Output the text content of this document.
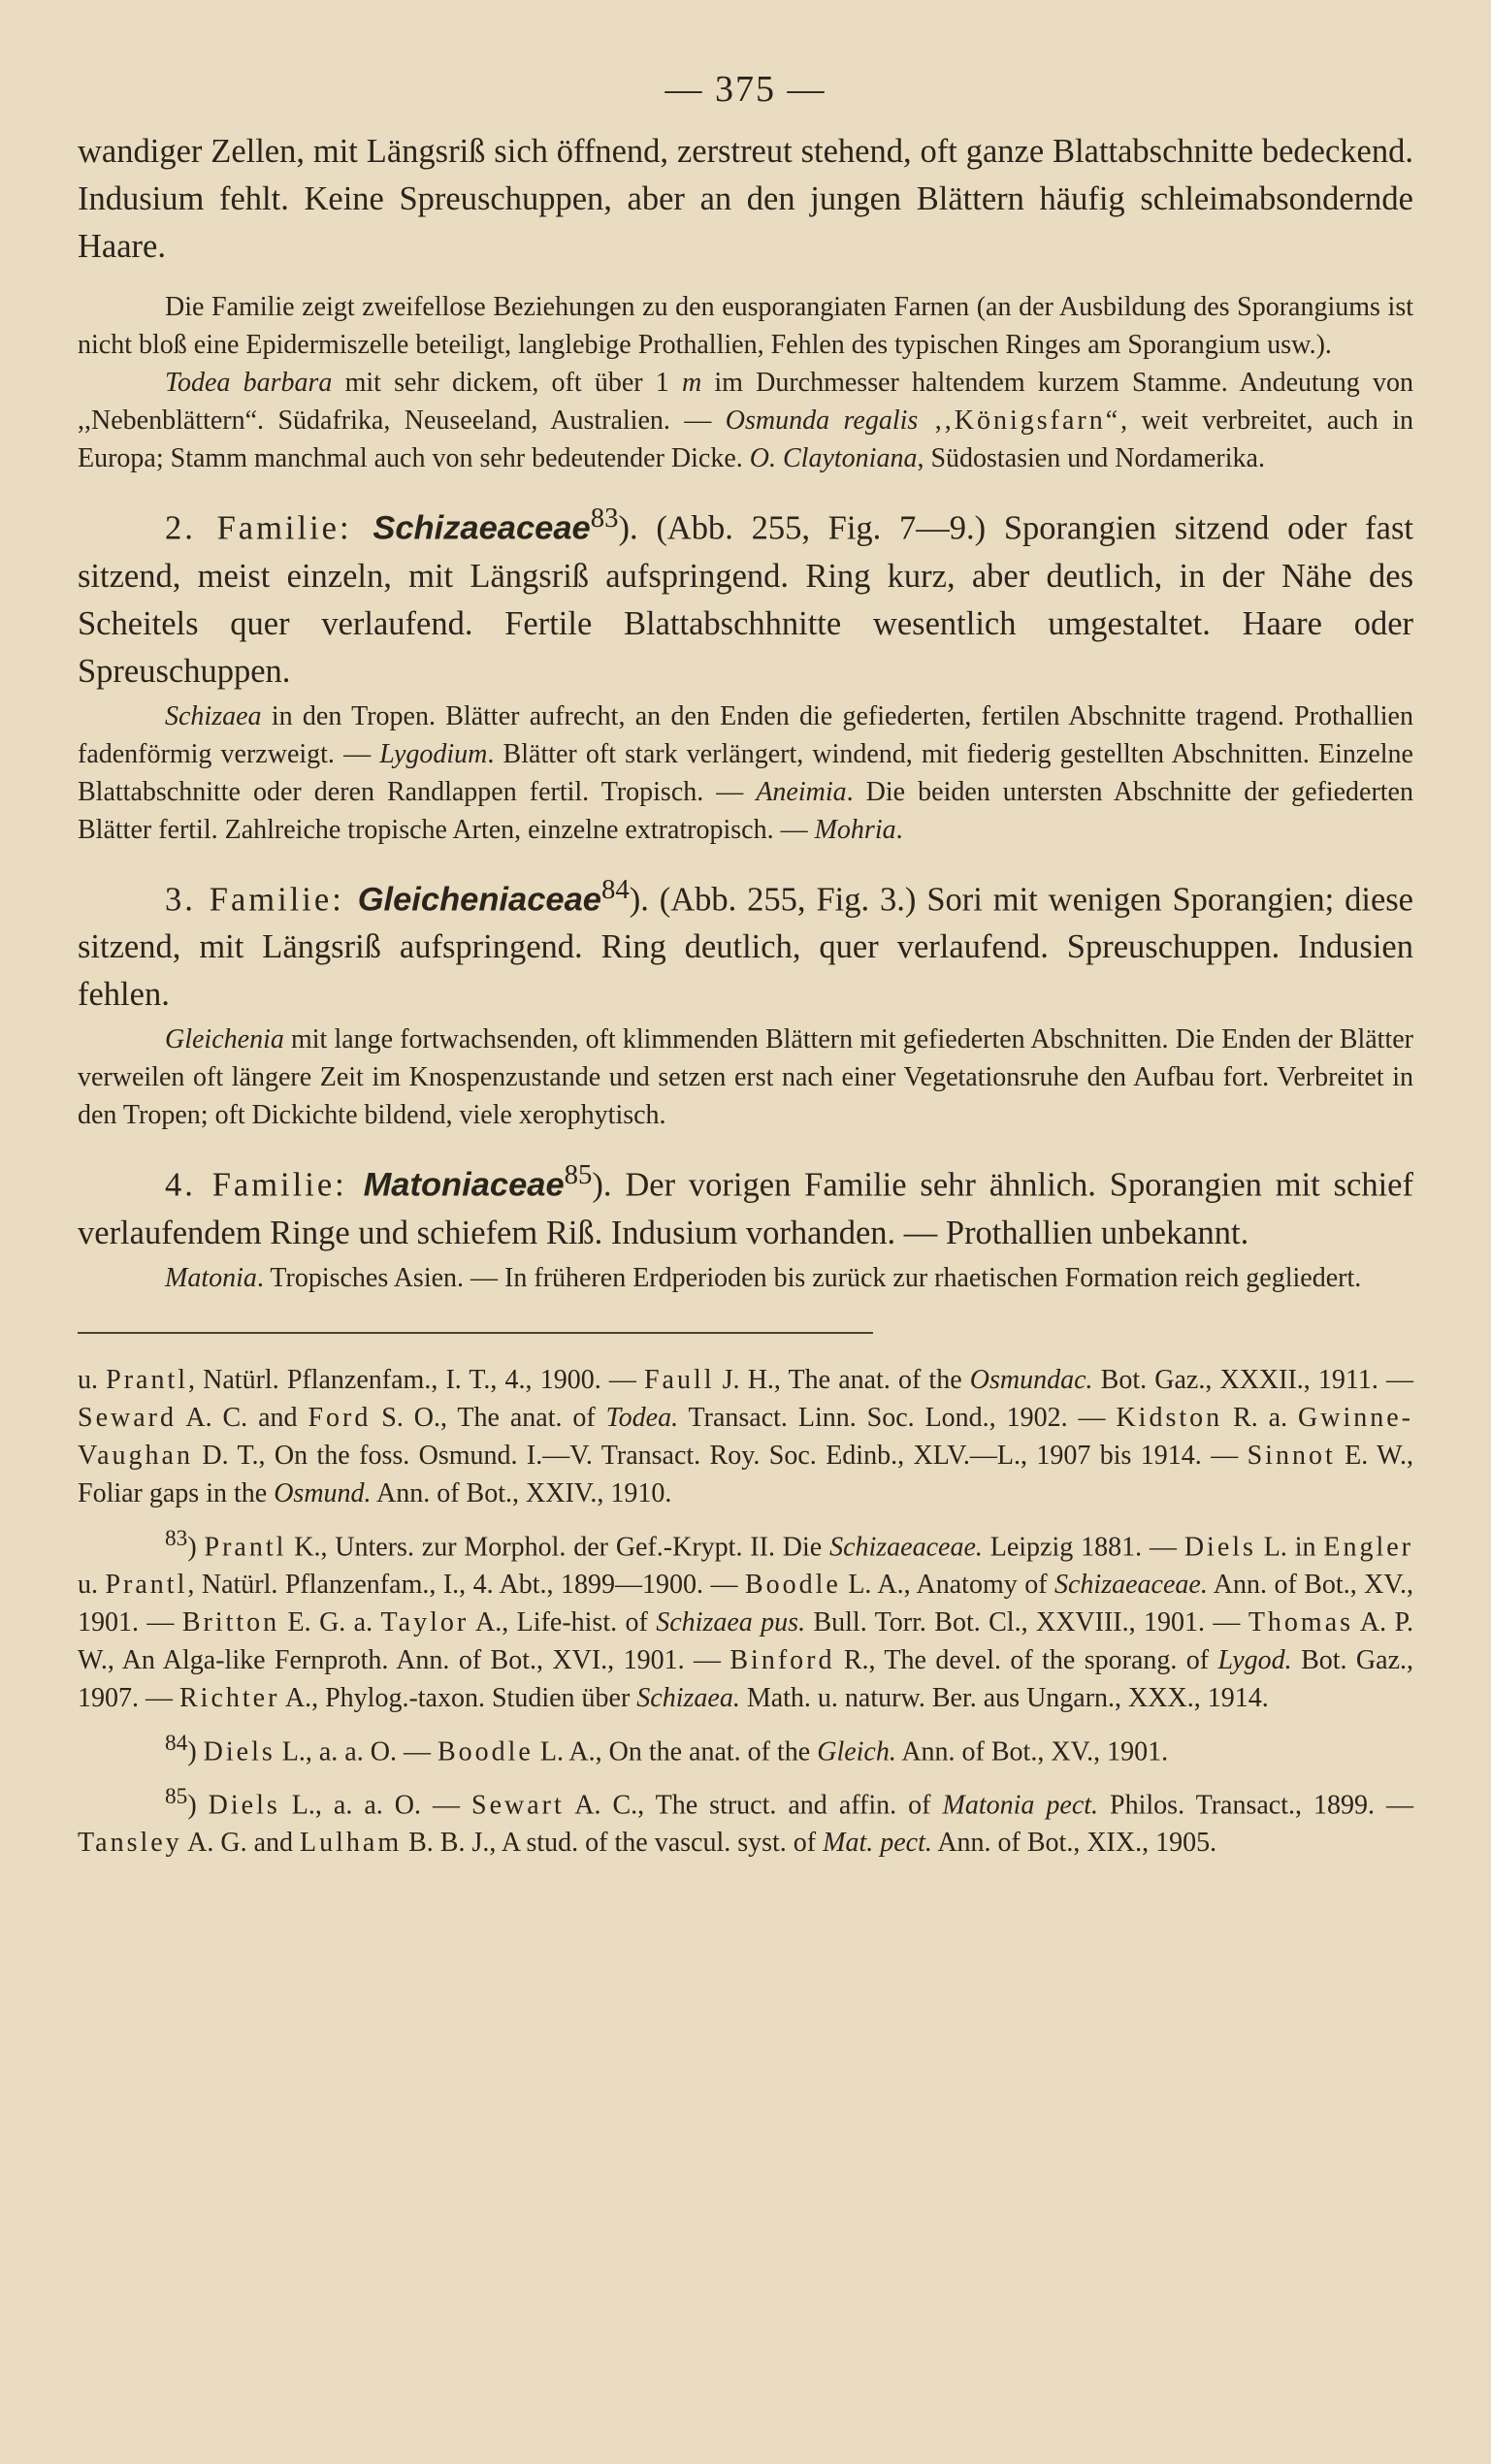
— 375 —

wandiger Zellen, mit Längsriß sich öffnend, zerstreut stehend, oft ganze Blattabschnitte bedeckend. Indusium fehlt. Keine Spreuschuppen, aber an den jungen Blättern häufig schleimabsondernde Haare.

Die Familie zeigt zweifellose Beziehungen zu den eusporangiaten Farnen (an der Ausbildung des Sporangiums ist nicht bloß eine Epidermiszelle beteiligt, langlebige Prothallien, Fehlen des typischen Ringes am Sporangium usw.).

Todea barbara mit sehr dickem, oft über 1 m im Durchmesser haltendem kurzem Stamme. Andeutung von ,,Nebenblättern“. Südafrika, Neuseeland, Australien. — Osmunda regalis ,,Königsfarn“, weit verbreitet, auch in Europa; Stamm manchmal auch von sehr bedeutender Dicke. O. Claytoniana, Südostasien und Nordamerika.

2. Familie: Schizaeaceae$^{83}$). (Abb. 255, Fig. 7—9.) Sporangien sitzend oder fast sitzend, meist einzeln, mit Längsriß aufspringend. Ring kurz, aber deutlich, in der Nähe des Scheitels quer verlaufend. Fertile Blattabschhnitte wesentlich umgestaltet. Haare oder Spreuschuppen.

Schizaea in den Tropen. Blätter aufrecht, an den Enden die gefiederten, fertilen Abschnitte tragend. Prothallien fadenförmig verzweigt. — Lygodium. Blätter oft stark verlängert, windend, mit fiederig gestellten Abschnitten. Einzelne Blattabschnitte oder deren Randlappen fertil. Tropisch. — Aneimia. Die beiden untersten Abschnitte der gefiederten Blätter fertil. Zahlreiche tropische Arten, einzelne extratropisch. — Mohria.

3. Familie: Gleicheniaceae$^{84}$). (Abb. 255, Fig. 3.) Sori mit wenigen Sporangien; diese sitzend, mit Längsriß aufspringend. Ring deutlich, quer verlaufend. Spreuschuppen. Indusien fehlen.

Gleichenia mit lange fortwachsenden, oft klimmenden Blättern mit gefiederten Abschnitten. Die Enden der Blätter verweilen oft längere Zeit im Knospenzustande und setzen erst nach einer Vegetationsruhe den Aufbau fort. Verbreitet in den Tropen; oft Dickichte bildend, viele xerophytisch.

4. Familie: Matoniaceae$^{85}$). Der vorigen Familie sehr ähnlich. Sporangien mit schief verlaufendem Ringe und schiefem Riß. Indusium vorhanden. — Prothallien unbekannt.

Matonia. Tropisches Asien. — In früheren Erdperioden bis zurück zur rhaetischen Formation reich gegliedert.

u. Prantl, Natürl. Pflanzenfam., I. T., 4., 1900. — Faull J. H., The anat. of the Osmundac. Bot. Gaz., XXXII., 1911. — Seward A. C. and Ford S. O., The anat. of Todea. Transact. Linn. Soc. Lond., 1902. — Kidston R. a. Gwinne-Vaughan D. T., On the foss. Osmund. I.—V. Transact. Roy. Soc. Edinb., XLV.—L., 1907 bis 1914. — Sinnot E. W., Foliar gaps in the Osmund. Ann. of Bot., XXIV., 1910.

$^{83}$) Prantl K., Unters. zur Morphol. der Gef.-Krypt. II. Die Schizaeaceae. Leipzig 1881. — Diels L. in Engler u. Prantl, Natürl. Pflanzenfam., I., 4. Abt., 1899—1900. — Boodle L. A., Anatomy of Schizaeaceae. Ann. of Bot., XV., 1901. — Britton E. G. a. Taylor A., Life-hist. of Schizaea pus. Bull. Torr. Bot. Cl., XXVIII., 1901. — Thomas A. P. W., An Alga-like Fernproth. Ann. of Bot., XVI., 1901. — Binford R., The devel. of the sporang. of Lygod. Bot. Gaz., 1907. — Richter A., Phylog.-taxon. Studien über Schizaea. Math. u. naturw. Ber. aus Ungarn., XXX., 1914.

$^{84}$) Diels L., a. a. O. — Boodle L. A., On the anat. of the Gleich. Ann. of Bot., XV., 1901.

$^{85}$) Diels L., a. a. O. — Sewart A. C., The struct. and affin. of Matonia pect. Philos. Transact., 1899. — Tansley A. G. and Lulham B. B. J., A stud. of the vascul. syst. of Mat. pect. Ann. of Bot., XIX., 1905.
